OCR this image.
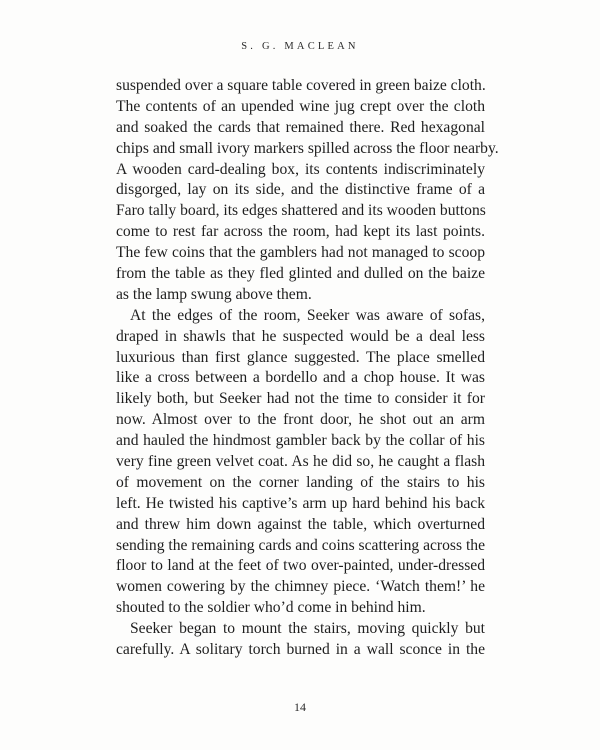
S. G. MACLEAN
suspended over a square table covered in green baize cloth.
The contents of an upended wine jug crept over the cloth
and soaked the cards that remained there. Red hexagonal
chips and small ivory markers spilled across the floor nearby.
A wooden card-dealing box, its contents indiscriminately
disgorged, lay on its side, and the distinctive frame of a
Faro tally board, its edges shattered and its wooden buttons
come to rest far across the room, had kept its last points.
The few coins that the gamblers had not managed to scoop
from the table as they fled glinted and dulled on the baize
as the lamp swung above them.
At the edges of the room, Seeker was aware of sofas,
draped in shawls that he suspected would be a deal less
luxurious than first glance suggested. The place smelled
like a cross between a bordello and a chop house. It was
likely both, but Seeker had not the time to consider it for
now. Almost over to the front door, he shot out an arm
and hauled the hindmost gambler back by the collar of his
very fine green velvet coat. As he did so, he caught a flash
of movement on the corner landing of the stairs to his
left. He twisted his captive’s arm up hard behind his back
and threw him down against the table, which overturned
sending the remaining cards and coins scattering across the
floor to land at the feet of two over-painted, under-dressed
women cowering by the chimney piece. ‘Watch them!’ he
shouted to the soldier who’d come in behind him.
Seeker began to mount the stairs, moving quickly but
carefully. A solitary torch burned in a wall sconce in the
14
